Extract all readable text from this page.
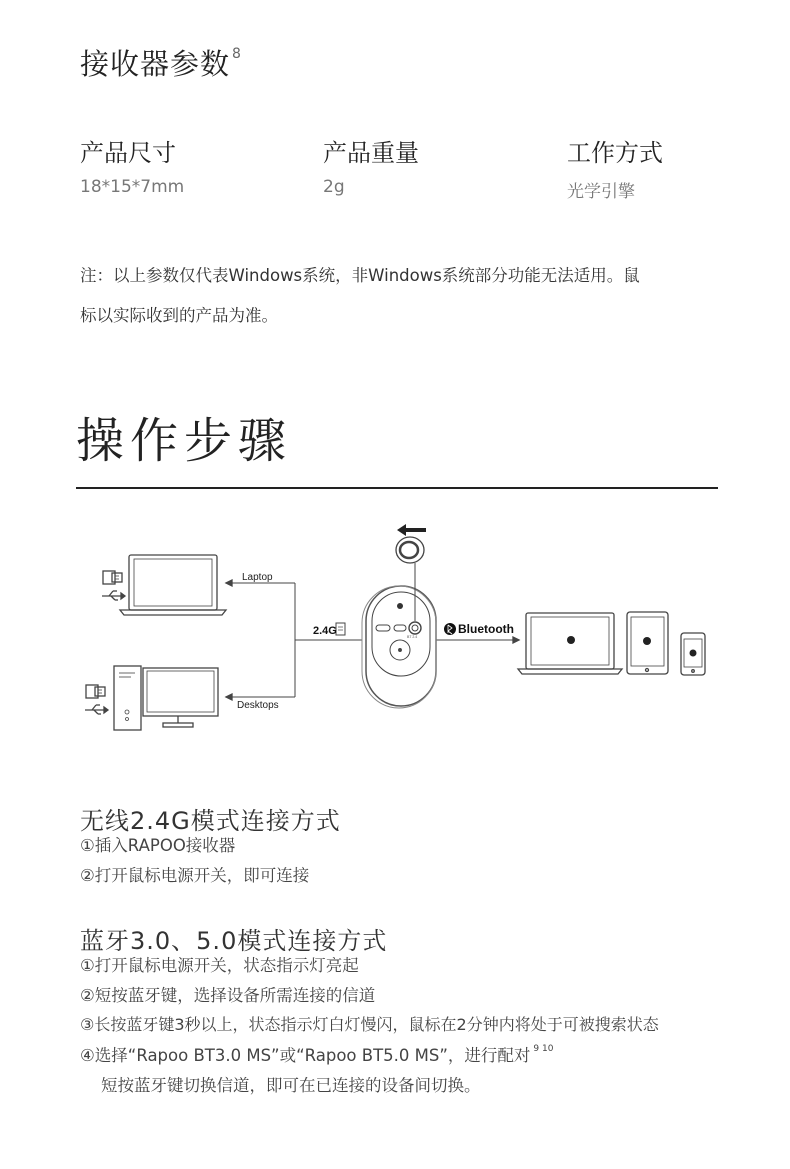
接收器参数 $^8$
产品尺寸
18*15*7mm
产品重量
2g
工作方式
光学引擎
注：以上参数仅代表Windows系统，非Windows系统部分功能无法适用。鼠
标以实际收到的产品为准。
操作步骤
Laptop
Desktops
Bluetooth
2.4G	BT 2.4
无线2.4G模式连接方式
①插入RAPOO接收器
②打开鼠标电源开关，即可连接
蓝牙3.0、5.0模式连接方式
①打开鼠标电源开关，状态指示灯亮起
②短按蓝牙键，选择设备所需连接的信道
③长按蓝牙键3秒以上，状态指示灯白灯慢闪，鼠标在2分钟内将处于可被搜索状态
④选择“Rapoo BT3.0 MS”或“Rapoo BT5.0 MS”，进行配对 $^{9 10}$
短按蓝牙键切换信道，即可在已连接的设备间切换。
